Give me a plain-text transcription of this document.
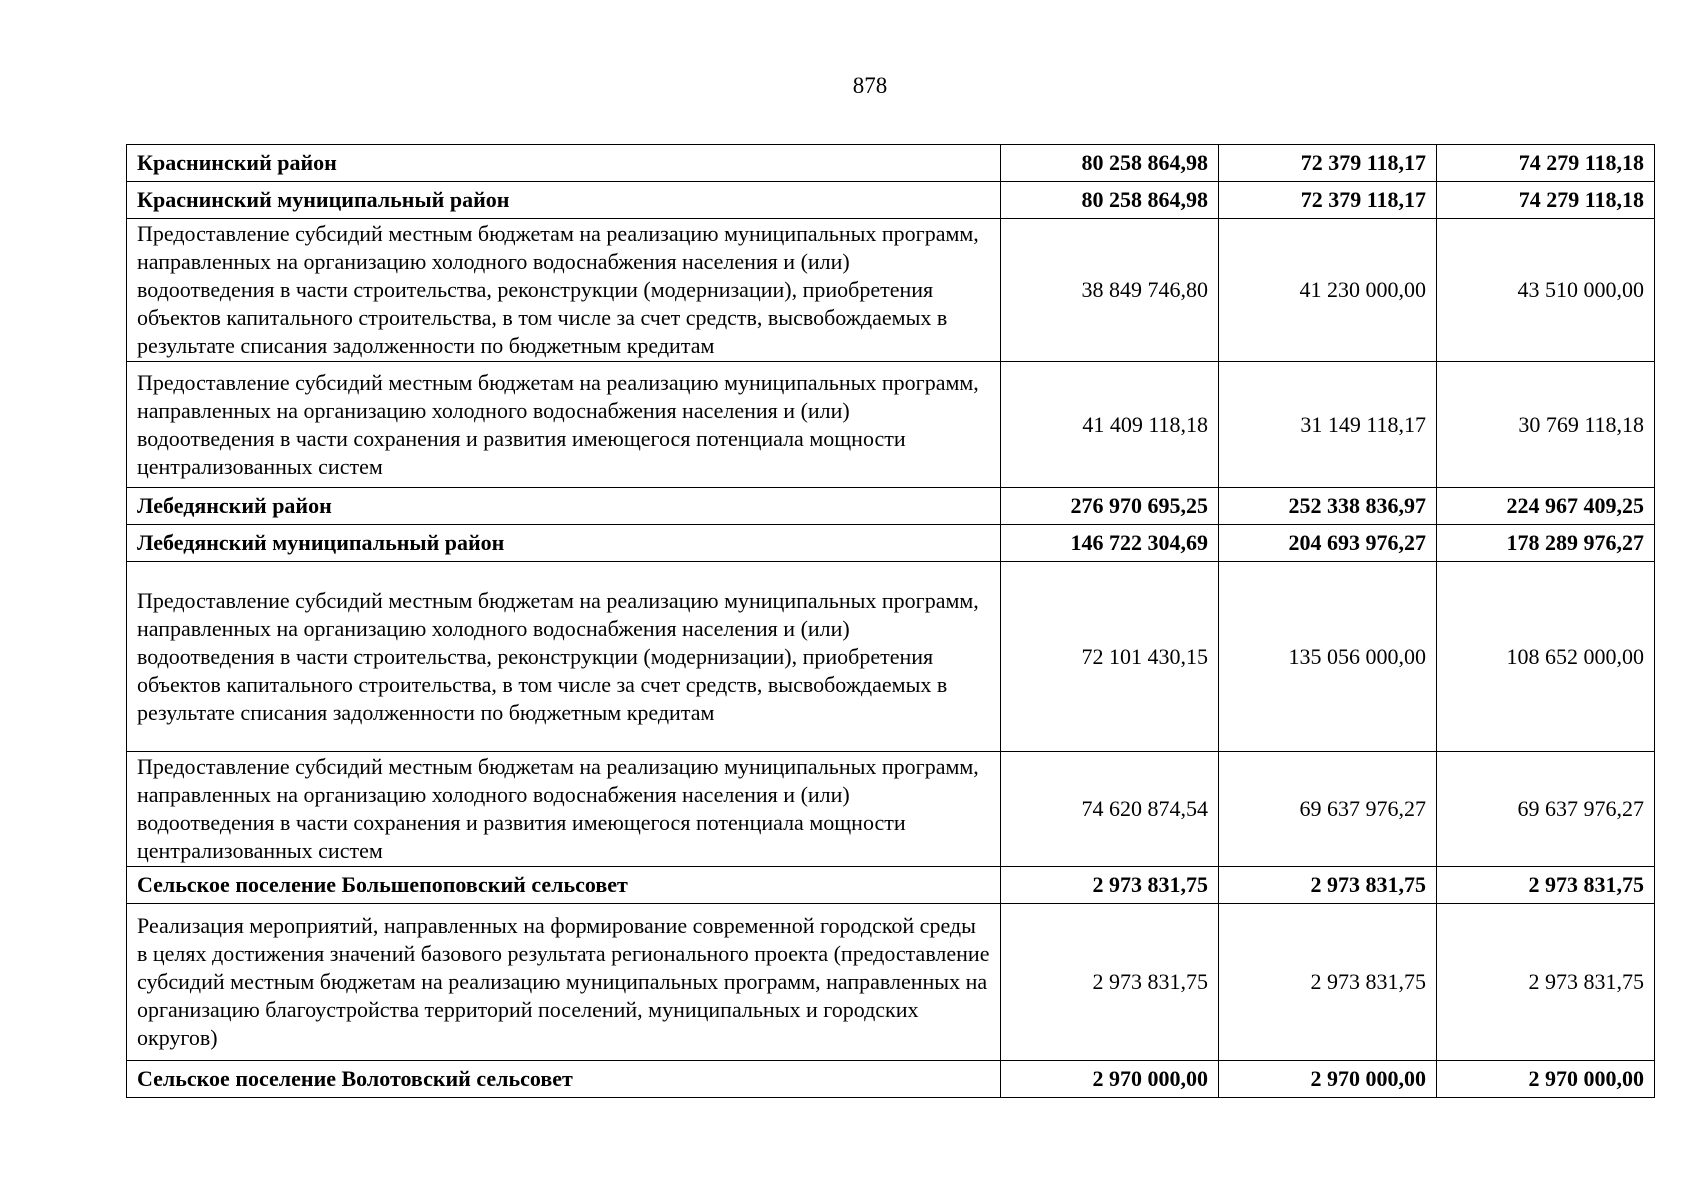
878
Краснинский район	80 258 864,98	72 379 118,17	74 279 118,18
Краснинский муниципальный район	80 258 864,98	72 379 118,17	74 279 118,18
Предоставление субсидий местным бюджетам на реализацию муниципальных программ, направленных на организацию холодного водоснабжения населения и (или) водоотведения в части строительства, реконструкции (модернизации), приобретения объектов капитального строительства, в том числе за счет средств, высвобождаемых в результате списания задолженности по бюджетным кредитам	38 849 746,80	41 230 000,00	43 510 000,00
Предоставление субсидий местным бюджетам на реализацию муниципальных программ, направленных на организацию холодного водоснабжения населения и (или) водоотведения в части сохранения и развития имеющегося потенциала мощности централизованных систем	41 409 118,18	31 149 118,17	30 769 118,18
Лебедянский район	276 970 695,25	252 338 836,97	224 967 409,25
Лебедянский муниципальный район	146 722 304,69	204 693 976,27	178 289 976,27
Предоставление субсидий местным бюджетам на реализацию муниципальных программ, направленных на организацию холодного водоснабжения населения и (или) водоотведения в части строительства, реконструкции (модернизации), приобретения объектов капитального строительства, в том числе за счет средств, высвобождаемых в результате списания задолженности по бюджетным кредитам	72 101 430,15	135 056 000,00	108 652 000,00
Предоставление субсидий местным бюджетам на реализацию муниципальных программ, направленных на организацию холодного водоснабжения населения и (или) водоотведения в части сохранения и развития имеющегося потенциала мощности централизованных систем	74 620 874,54	69 637 976,27	69 637 976,27
Сельское поселение Большепоповский сельсовет	2 973 831,75	2 973 831,75	2 973 831,75
Реализация мероприятий, направленных на формирование современной городской среды в целях достижения значений базового результата регионального проекта (предоставление субсидий местным бюджетам на реализацию муниципальных программ, направленных на организацию благоустройства территорий поселений, муниципальных и городских округов)	2 973 831,75	2 973 831,75	2 973 831,75
Сельское поселение Волотовский сельсовет	2 970 000,00	2 970 000,00	2 970 000,00
